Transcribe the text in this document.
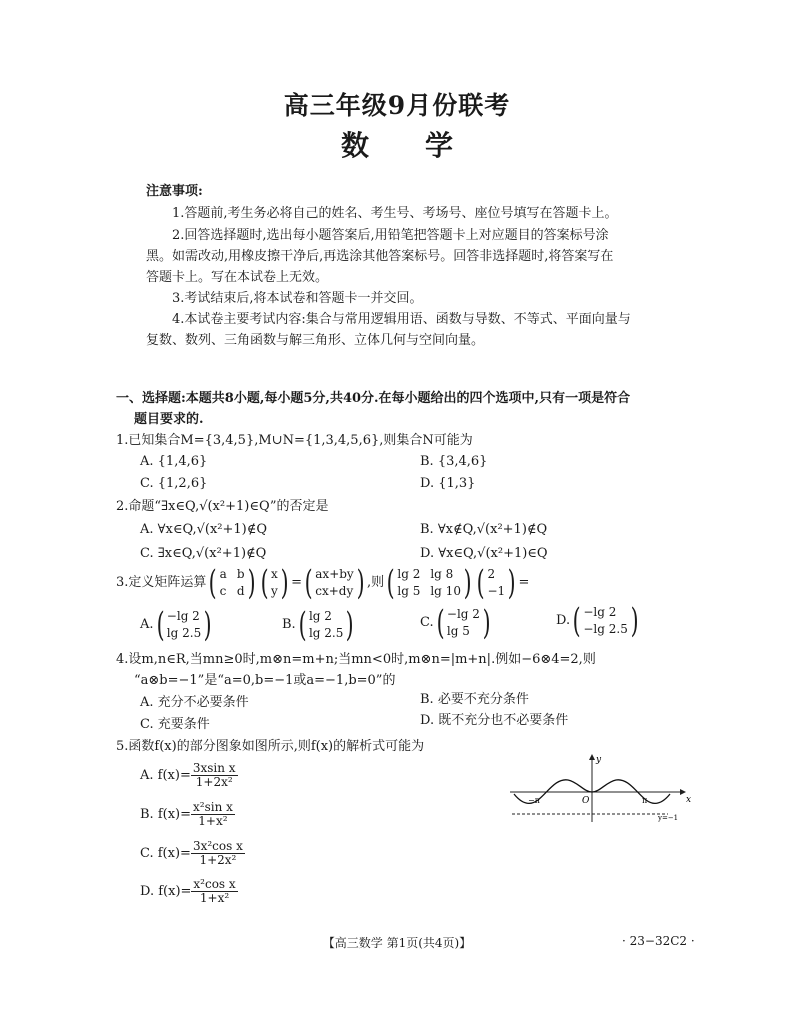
高三年级9月份联考
数 学
注意事项:
1.答题前,考生务必将自己的姓名、考生号、考场号、座位号填写在答题卡上。
2.回答选择题时,选出每小题答案后,用铅笔把答题卡上对应题目的答案标号涂
黑。如需改动,用橡皮擦干净后,再选涂其他答案标号。回答非选择题时,将答案写在
答题卡上。写在本试卷上无效。
3.考试结束后,将本试卷和答题卡一并交回。
4.本试卷主要考试内容:集合与常用逻辑用语、函数与导数、不等式、平面向量与
复数、数列、三角函数与解三角形、立体几何与空间向量。
一、选择题:本题共8小题,每小题5分,共40分.在每小题给出的四个选项中,只有一项是符合
题目要求的.
1.已知集合M={3,4,5},M∪N={1,3,4,5,6},则集合N可能为
A. {1,4,6}	B. {3,4,6}
C. {1,2,6}	D. {1,3}
2.命题“∃x∈Q,√(x²+1)∈Q”的否定是
A. ∀x∈Q,√(x²+1)∉Q	B. ∀x∉Q,√(x²+1)∉Q
C. ∃x∈Q,√(x²+1)∉Q	D. ∀x∈Q,√(x²+1)∈Q
3.定义矩阵运算 ( a b
c d ) ( x
y ) = ( ax+by
cx+dy ) ,则 ( lg 2 lg 8
lg 5 lg 10 ) ( 2
−1 ) =
A. ( −lg 2
lg 2.5 )	B. ( lg 2
lg 2.5 )	C. ( −lg 2
lg 5 )	D. ( −lg 2
−lg 2.5 )
4.设m,n∈R,当mn≥0时,m⊗n=m+n;当mn<0时,m⊗n=|m+n|.例如−6⊗4=2,则
“a⊗b=−1”是“a=0,b=−1或a=−1,b=0”的
A. 充分不必要条件	B. 必要不充分条件
C. 充要条件	D. 既不充分也不必要条件
5.函数f(x)的部分图象如图所示,则f(x)的解析式可能为
A. $f(x)= \frac{\text{3xsin x}}{\text{1+2x²}}$
B. $f(x)= \frac{\text{x²sin x}}{\text{1+x²}}$
C. $f(x)= \frac{\text{3x²cos x}}{\text{1+2x²}}$
D. $f(x)= \frac{\text{x²cos x}}{\text{1+x²}}$
y
x
O
−π	π
y=−1
【高三数学 第1页(共4页)】	· 23−32C2 ·
